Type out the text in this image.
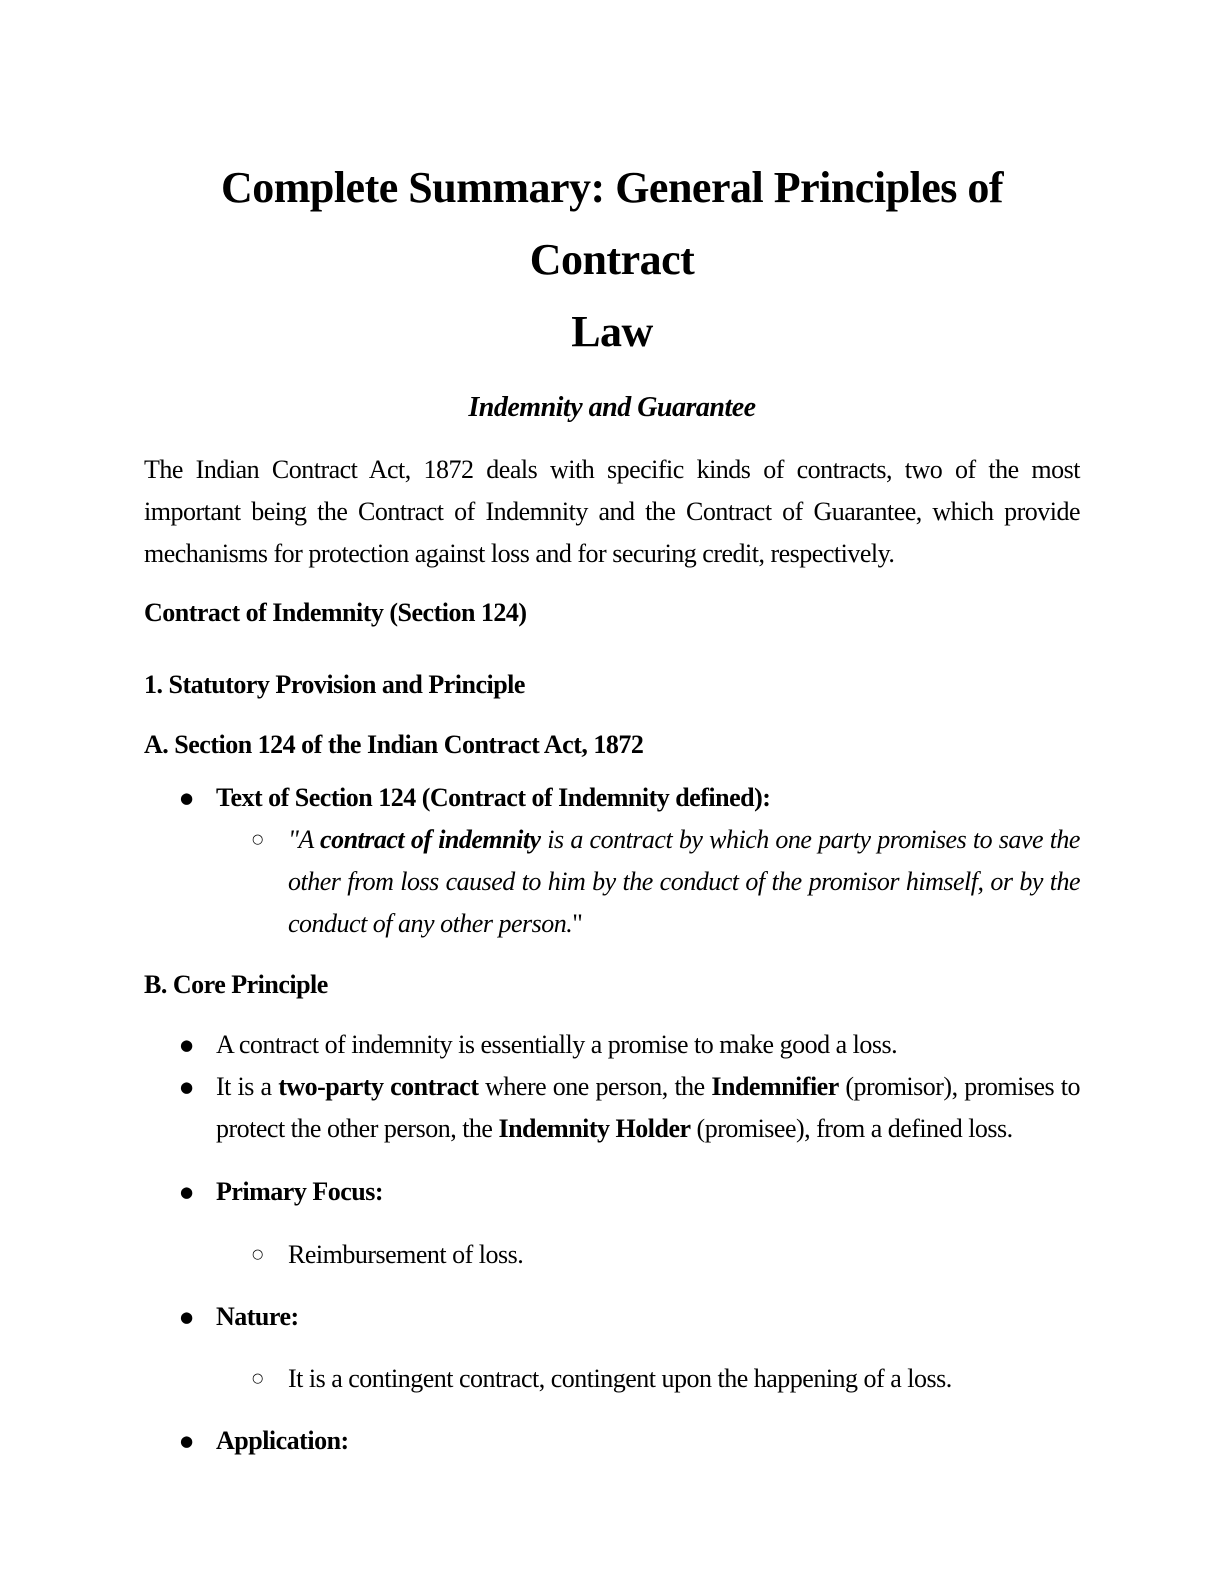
Complete Summary: General Principles of Contract
Law
Indemnity and Guarantee

The Indian Contract Act, 1872 deals with specific kinds of contracts, two of the most important being the Contract of Indemnity and the Contract of Guarantee, which provide mechanisms for protection against loss and for securing credit, respectively.

Contract of Indemnity (Section 124)
1. Statutory Provision and Principle
A. Section 124 of the Indian Contract Act, 1872
● Text of Section 124 (Contract of Indemnity defined):
○ "A contract of indemnity is a contract by which one party promises to save the other from loss caused to him by the conduct of the promisor himself, or by the conduct of any other person."
B. Core Principle
● A contract of indemnity is essentially a promise to make good a loss.
● It is a two-party contract where one person, the Indemnifier (promisor), promises to protect the other person, the Indemnity Holder (promisee), from a defined loss.
● Primary Focus:
○ Reimbursement of loss.
● Nature:
○ It is a contingent contract, contingent upon the happening of a loss.
● Application:
